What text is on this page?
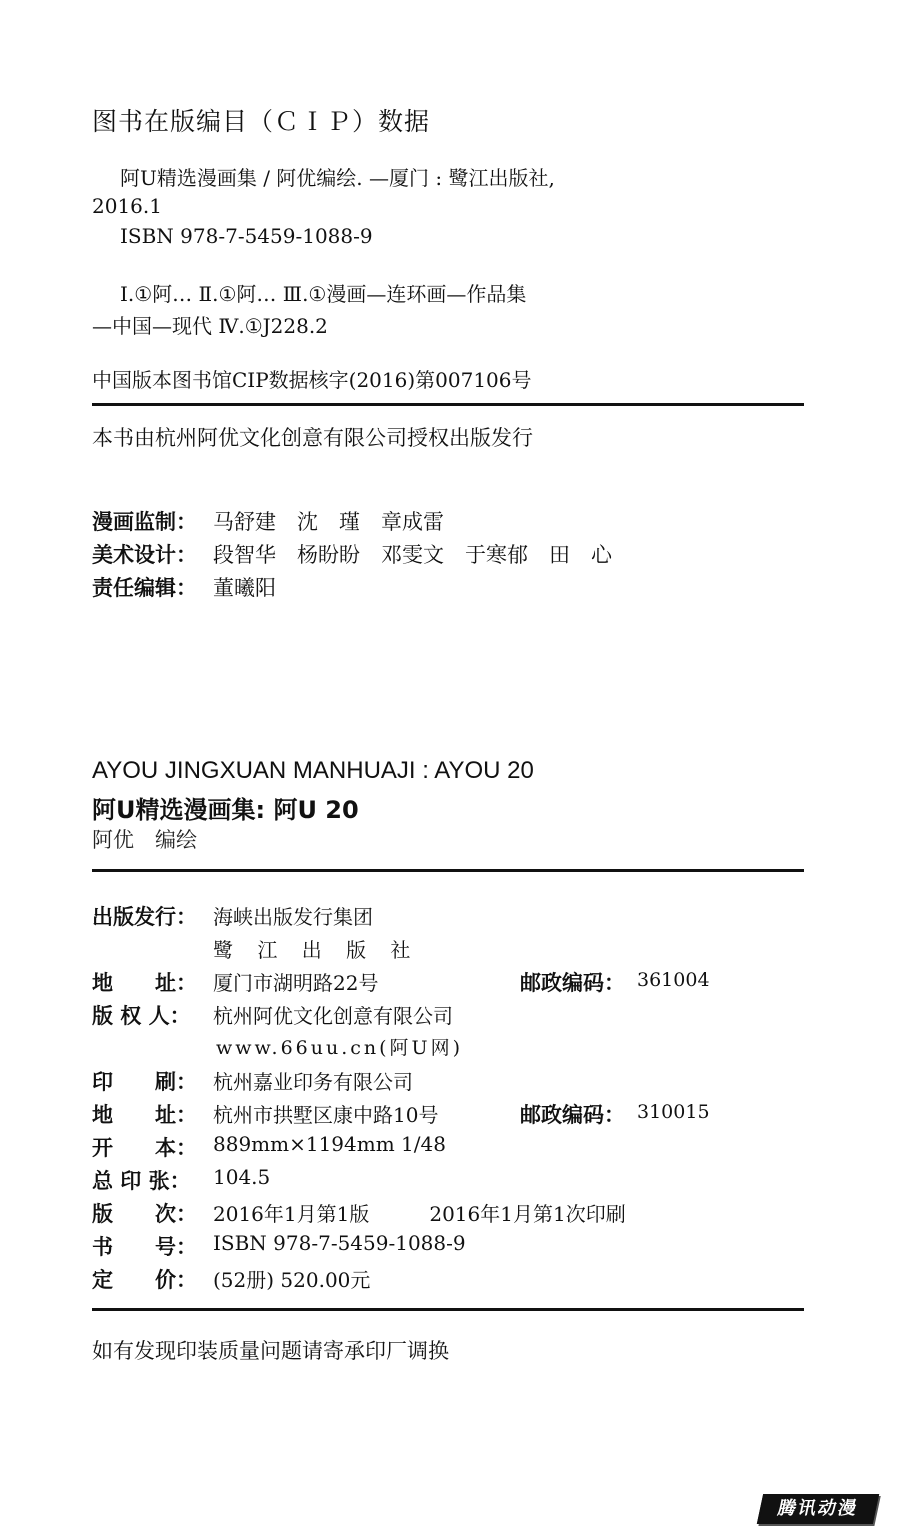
图书在版编目（ＣＩＰ）数据
阿U精选漫画集 / 阿优编绘. —厦门 : 鹭江出版社,
2016.1
ISBN 978-7-5459-1088-9
Ⅰ.①阿… Ⅱ.①阿… Ⅲ.①漫画—连环画—作品集
—中国—现代 Ⅳ.①J228.2
中国版本图书馆CIP数据核字(2016)第007106号
本书由杭州阿优文化创意有限公司授权出版发行
漫画监制： 马舒建　沈　瑾　章成雷
美术设计： 段智华　杨盼盼　邓雯文　于寒郁　田　心
责任编辑： 董曦阳
AYOU JINGXUAN MANHUAJI : AYOU 20
阿U精选漫画集: 阿U 20
阿优　编绘
出版发行： 海峡出版发行集团
鹭 江 出 版 社
地　　址： 厦门市湖明路22号	邮政编码： 361004
版 权 人： 杭州阿优文化创意有限公司
www.66uu.cn(阿U网)
印　　刷： 杭州嘉业印务有限公司
地　　址： 杭州市拱墅区康中路10号	邮政编码： 310015
开　　本： 889mm×1194mm 1/48
总 印 张： 104.5
版　　次： 2016年1月第1版　　　2016年1月第1次印刷
书　　号： ISBN 978-7-5459-1088-9
定　　价： (52册) 520.00元
如有发现印装质量问题请寄承印厂调换
腾讯动漫
